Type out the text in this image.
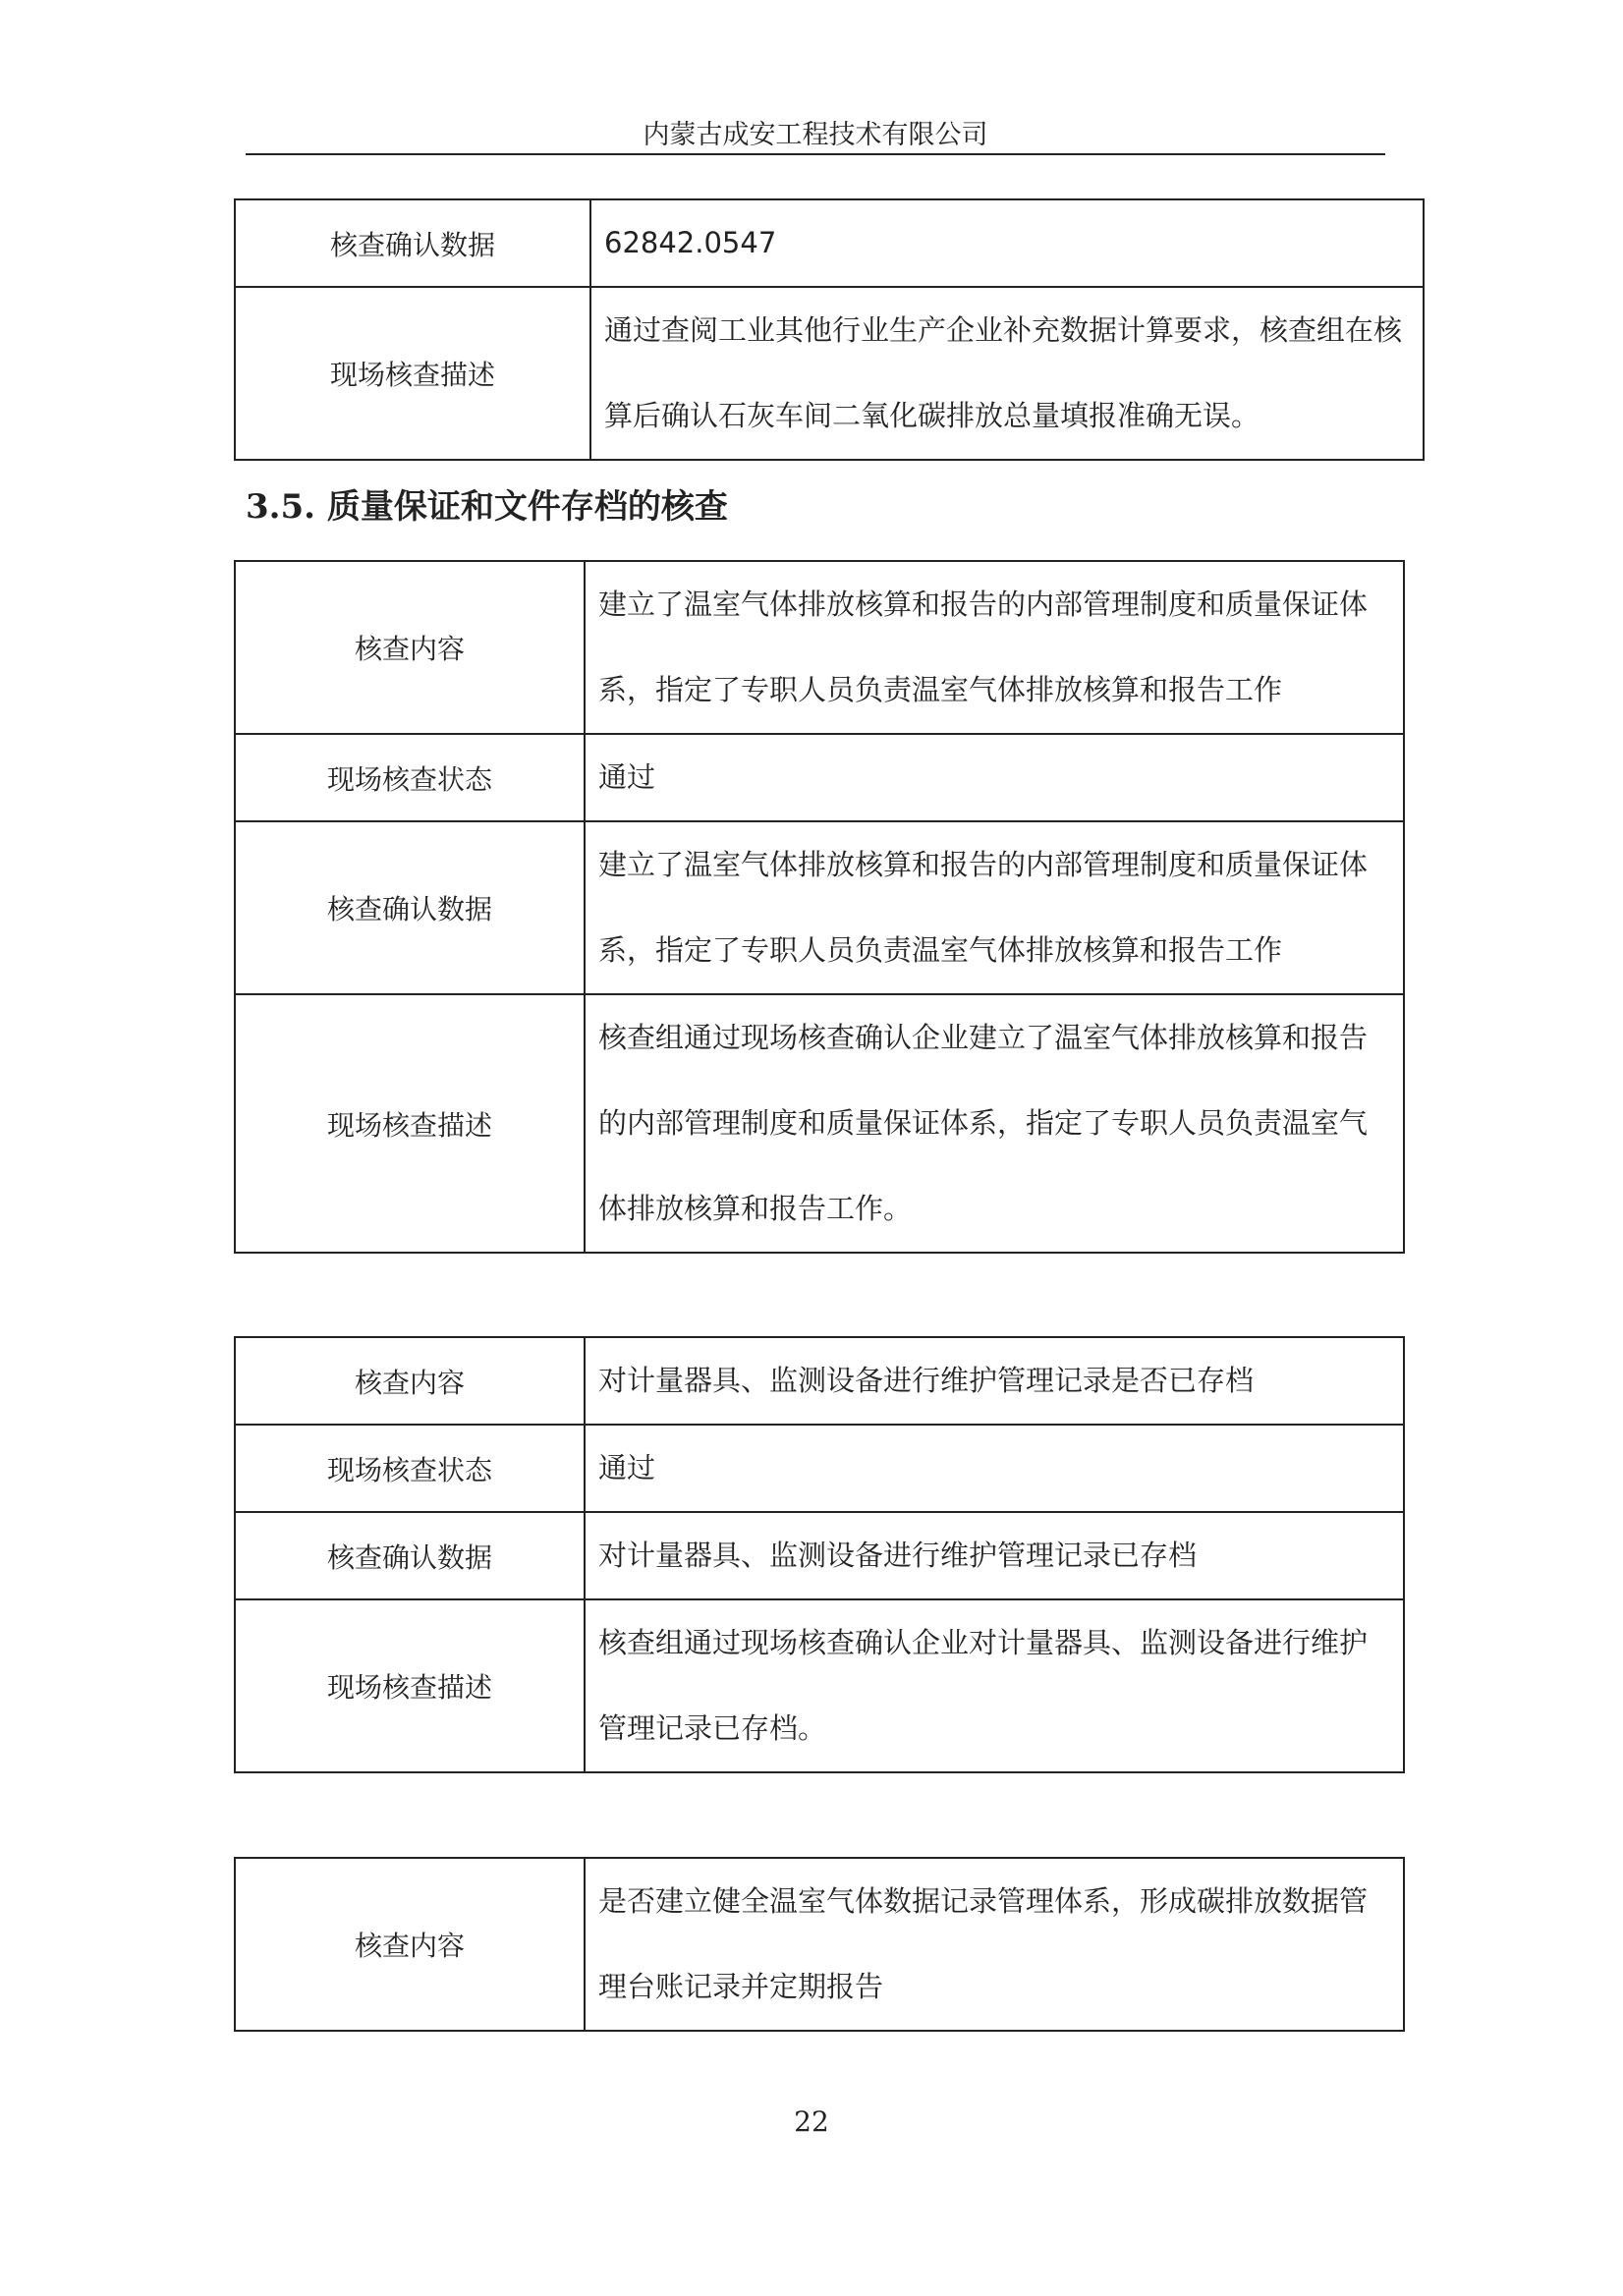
内蒙古成安工程技术有限公司
核查确认数据	62842.0547
现场核查描述	通过查阅工业其他行业生产企业补充数据计算要求，核查组在核算后确认石灰车间二氧化碳排放总量填报准确无误。
3.5. 质量保证和文件存档的核查
核查内容	建立了温室气体排放核算和报告的内部管理制度和质量保证体系，指定了专职人员负责温室气体排放核算和报告工作
现场核查状态	通过
核查确认数据	建立了温室气体排放核算和报告的内部管理制度和质量保证体系，指定了专职人员负责温室气体排放核算和报告工作
现场核查描述	核查组通过现场核查确认企业建立了温室气体排放核算和报告的内部管理制度和质量保证体系，指定了专职人员负责温室气体排放核算和报告工作。
核查内容	对计量器具、监测设备进行维护管理记录是否已存档
现场核查状态	通过
核查确认数据	对计量器具、监测设备进行维护管理记录已存档
现场核查描述	核查组通过现场核查确认企业对计量器具、监测设备进行维护管理记录已存档。
核查内容	是否建立健全温室气体数据记录管理体系，形成碳排放数据管理台账记录并定期报告
22
